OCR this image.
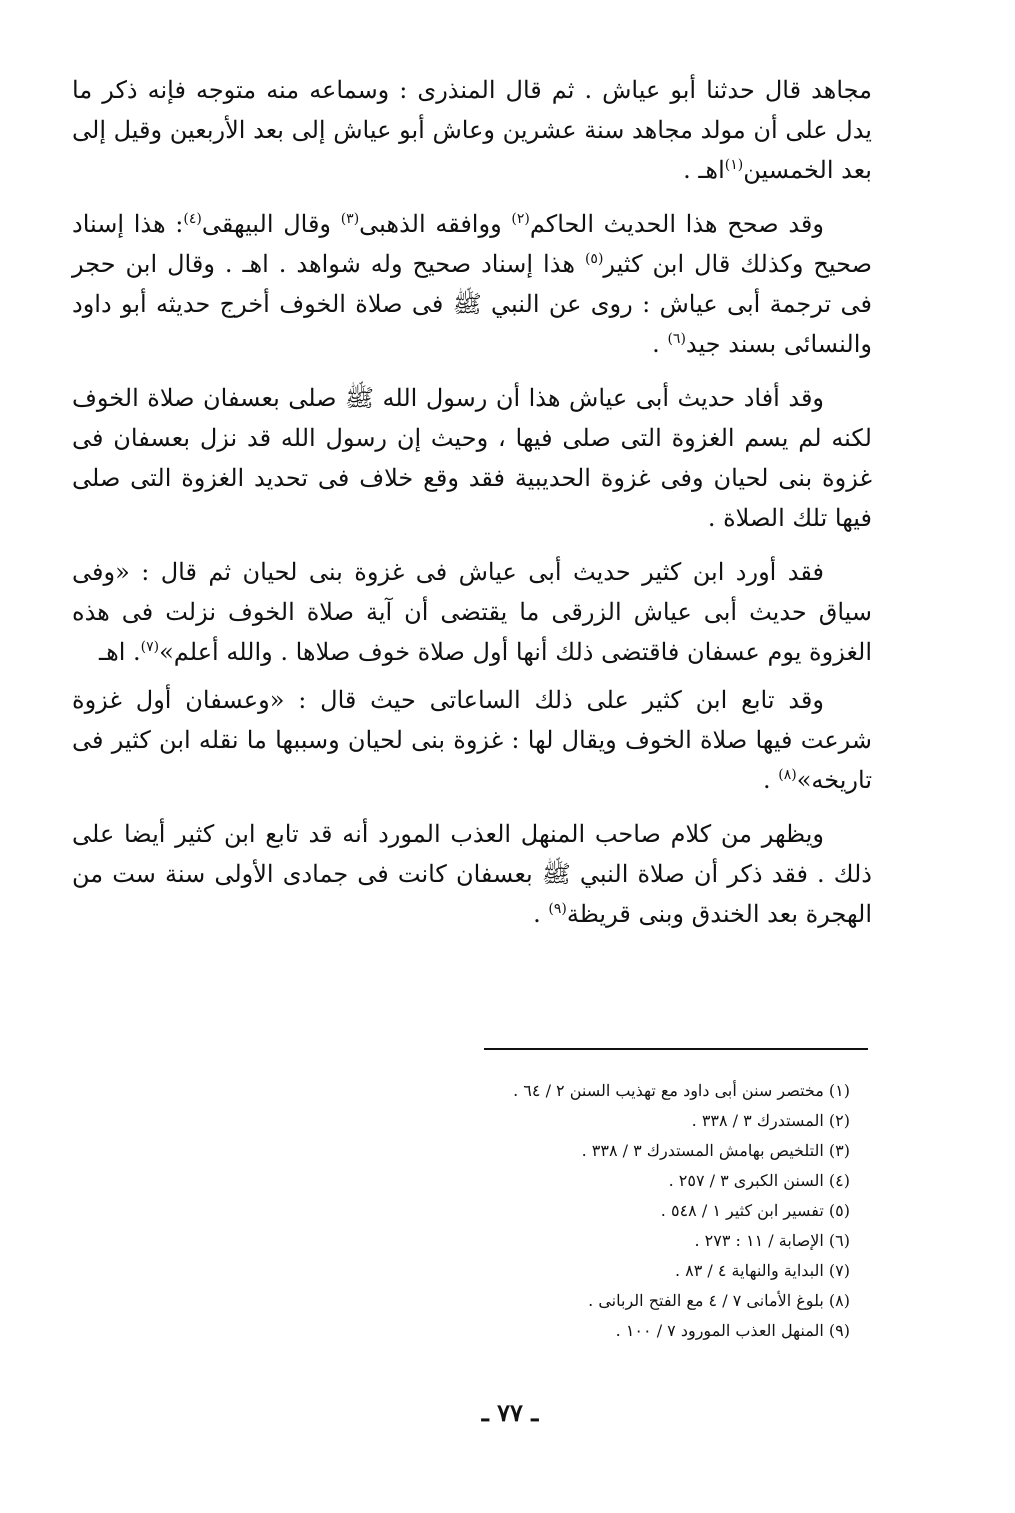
مجاهد قال حدثنا أبو عياش . ثم قال المنذرى : وسماعه منه متوجه فإنه ذكر ما يدل على أن مولد مجاهد سنة عشرين وعاش أبو عياش إلى بعد الأربعين وقيل إلى بعد الخمسين$^{(١)}$اهـ .

وقد صحح هذا الحديث الحاكم$^{(٢)}$ ووافقه الذهبى$^{(٣)}$ وقال البيهقى$^{(٤)}$: هذا إسناد صحيح وكذلك قال ابن كثير$^{(٥)}$ هذا إسناد صحيح وله شواهد . اهـ . وقال ابن حجر فى ترجمة أبى عياش : روى عن النبي ﷺ فى صلاة الخوف أخرج حديثه أبو داود والنسائى بسند جيد$^{(٦)}$ .

وقد أفاد حديث أبى عياش هذا أن رسول الله ﷺ صلى بعسفان صلاة الخوف لكنه لم يسم الغزوة التى صلى فيها ، وحيث إن رسول الله قد نزل بعسفان فى غزوة بنى لحيان وفى غزوة الحديبية فقد وقع خلاف فى تحديد الغزوة التى صلى فيها تلك الصلاة .

فقد أورد ابن كثير حديث أبى عياش فى غزوة بنى لحيان ثم قال : «وفى سياق حديث أبى عياش الزرقى ما يقتضى أن آية صلاة الخوف نزلت فى هذه الغزوة يوم عسفان فاقتضى ذلك أنها أول صلاة خوف صلاها . والله أعلم»$^{(٧)}$. اهـ

وقد تابع ابن كثير على ذلك الساعاتى حيث قال : «وعسفان أول غزوة شرعت فيها صلاة الخوف ويقال لها : غزوة بنى لحيان وسببها ما نقله ابن كثير فى تاريخه»$^{(٨)}$ .

ويظهر من كلام صاحب المنهل العذب المورد أنه قد تابع ابن كثير أيضا على ذلك . فقد ذكر أن صلاة النبي ﷺ بعسفان كانت فى جمادى الأولى سنة ست من الهجرة بعد الخندق وبنى قريظة$^{(٩)}$ .

(١) مختصر سنن أبى داود مع تهذيب السنن ٢ / ٦٤ .
(٢) المستدرك ٣ / ٣٣٨ .
(٣) التلخيص بهامش المستدرك ٣ / ٣٣٨ .
(٤) السنن الكبرى ٣ / ٢٥٧ .
(٥) تفسير ابن كثير ١ / ٥٤٨ .
(٦) الإصابة / ١١ : ٢٧٣ .
(٧) البداية والنهاية ٤ / ٨٣ .
(٨) بلوغ الأمانى ٧ / ٤ مع الفتح الربانى .
(٩) المنهل العذب المورود ٧ / ١٠٠ .
ـ ٧٧ ـ
